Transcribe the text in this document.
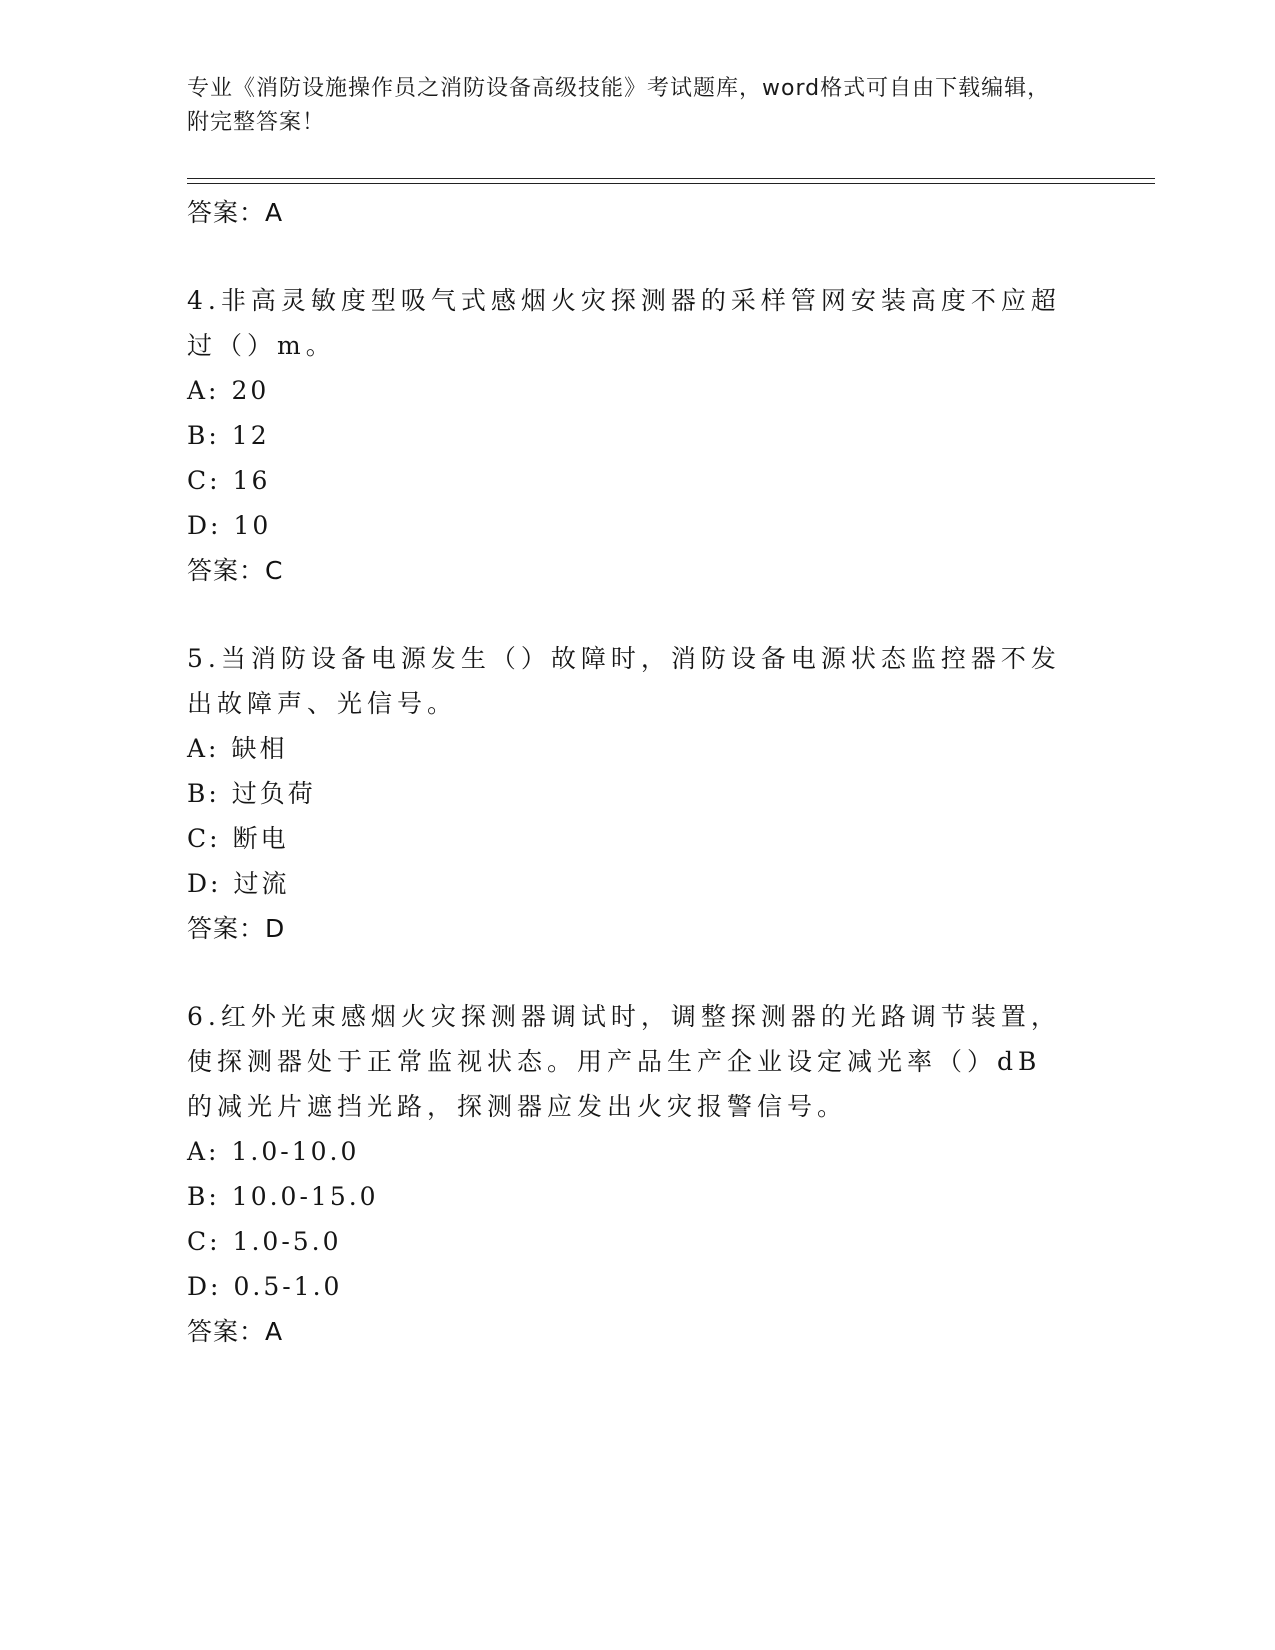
专业《消防设施操作员之消防设备高级技能》考试题库，word格式可自由下载编辑，附完整答案！
答案：A
4.非高灵敏度型吸气式感烟火灾探测器的采样管网安装高度不应超过（）m。
A: 20
B: 12
C: 16
D: 10
答案：C
5.当消防设备电源发生（）故障时，消防设备电源状态监控器不发出故障声、光信号。
A: 缺相
B: 过负荷
C: 断电
D: 过流
答案：D
6.红外光束感烟火灾探测器调试时，调整探测器的光路调节装置，使探测器处于正常监视状态。用产品生产企业设定减光率（）dB的减光片遮挡光路，探测器应发出火灾报警信号。
A: 1.0-10.0
B: 10.0-15.0
C: 1.0-5.0
D: 0.5-1.0
答案：A
